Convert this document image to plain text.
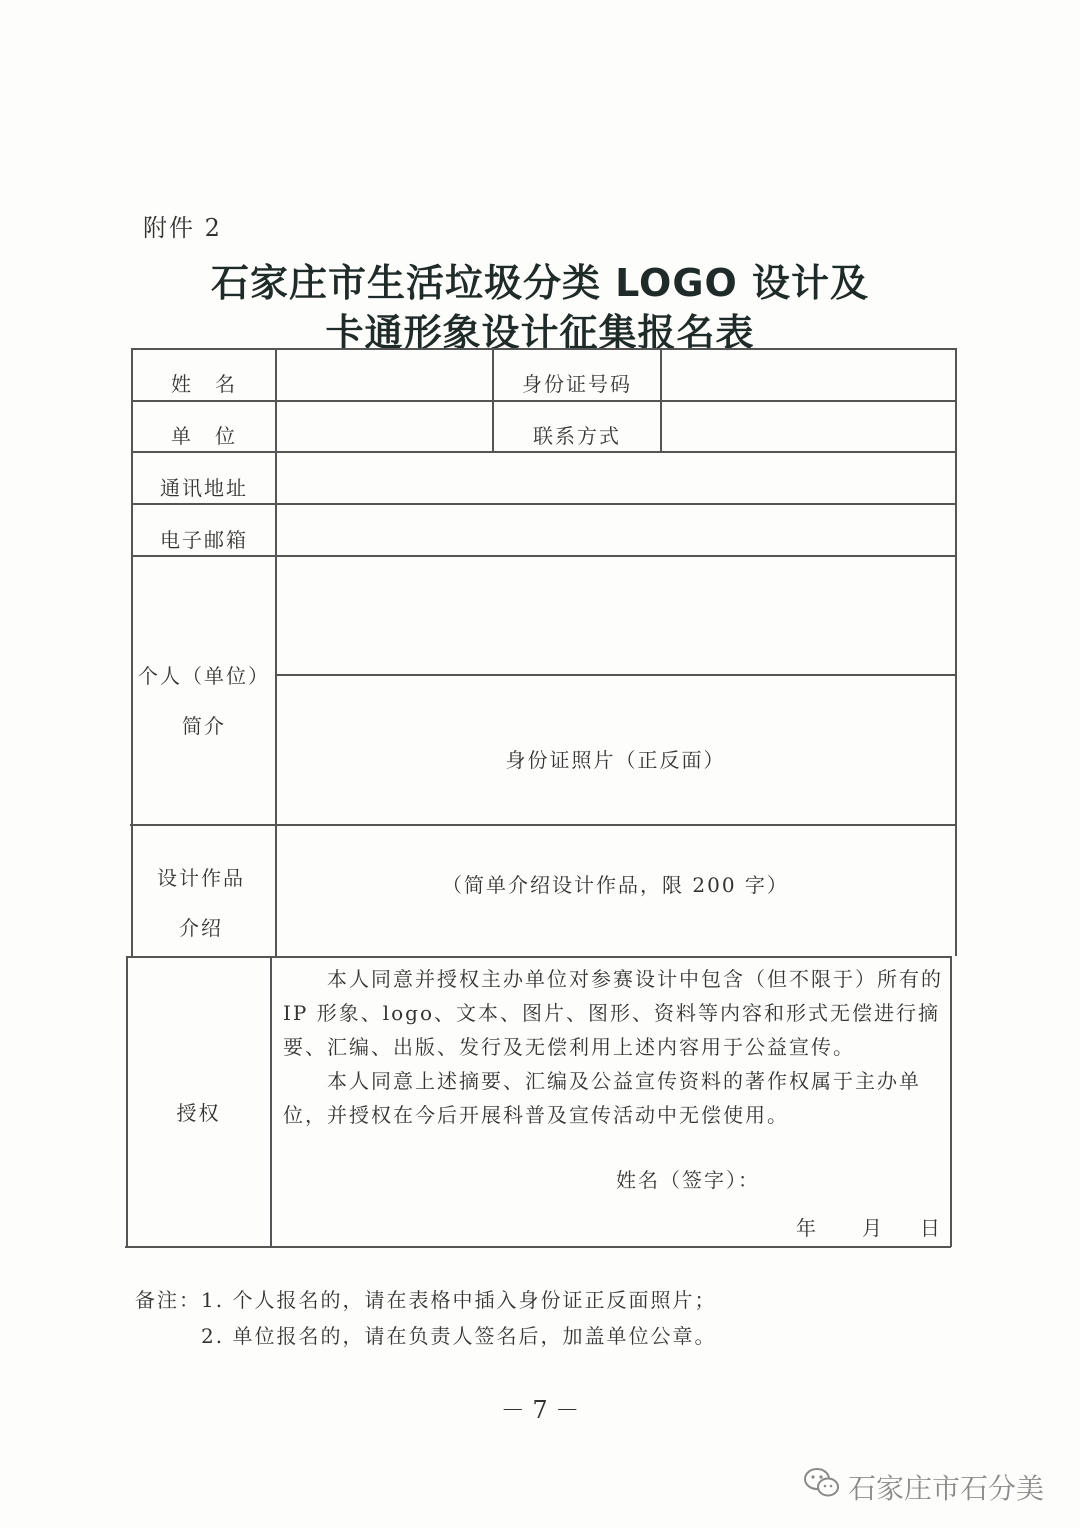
附件 2
石家庄市生活垃圾分类 LOGO 设计及
卡通形象设计征集报名表
姓　名	身份证号码
单　位	联系方式
通讯地址
电子邮箱
个人（单位）
简介
身份证照片（正反面）
设计作品
介绍
（简单介绍设计作品，限 200 字）
授权
本人同意并授权主办单位对参赛设计中包含（但不限于）所有的 IP 形象、logo、文本、图片、图形、资料等内容和形式无偿进行摘要、汇编、出版、发行及无偿利用上述内容用于公益宣传。
本人同意上述摘要、汇编及公益宣传资料的著作权属于主办单位，并授权在今后开展科普及宣传活动中无偿使用。
姓名（签字）：
年 月 日
备注： 1. 个人报名的，请在表格中插入身份证正反面照片；
2. 单位报名的，请在负责人签名后，加盖单位公章。
－ 7 －
石家庄市石分美
